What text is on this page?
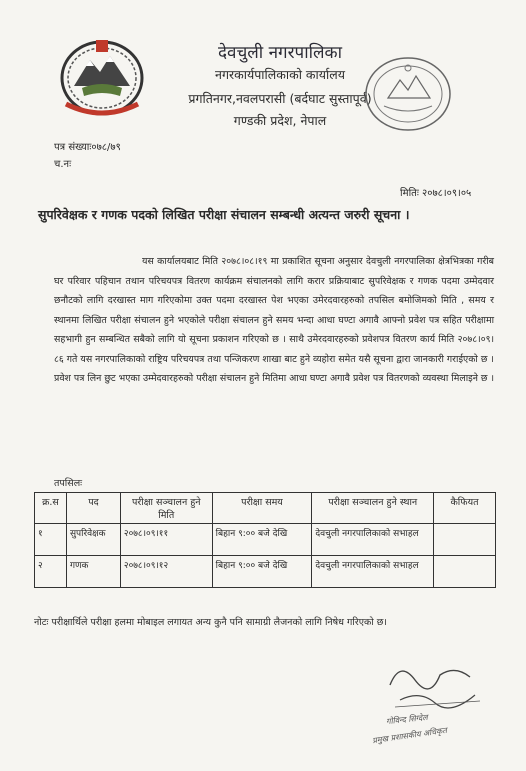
देवचुली नगरपालिका
नगरकार्यपालिकाको कार्यालय
प्रगतिनगर,नवलपरासी (बर्दघाट सुस्तापूर्व)
गण्डकी प्रदेश, नेपाल
पत्र संख्याः०७८/७९
च.नः
मितिः २०७८।०९।०५
सुपरिवेक्षक र गणक पदको लिखित परीक्षा संचालन सम्बन्धी अत्यन्त जरुरी सूचना ।
यस कार्यालयबाट मिति २०७८।०८।१९ मा प्रकाशित सूचना अनुसार देवचुली नगरपालिका क्षेत्रभित्रका गरीब घर परिवार पहिचान तथान परिचयपत्र वितरण कार्यक्रम संचालनको लागि करार प्रक्रियाबाट सुपरिवेक्षक र गणक पदमा उम्मेदवार छनौटको लागि दरखास्त माग गरिएकोमा उक्त पदमा दरखास्त पेश भएका उमेरदवारहरुको तपसिल बमोजिमको मिति , समय र स्थानमा लिखित परीक्षा संचालन हुने भएकोले परीक्षा संचालन हुने समय भन्दा आधा घण्टा अगावै आफ्नो प्रवेश पत्र सहित परीक्षामा सहभागी हुन सम्बन्धित सबैको लागि यो सूचना प्रकाशन गरिएको छ । साथै उमेरदवारहरुको प्रवेशपत्र वितरण कार्य मिति २०७८।०९।८६ गते यस नगरपालिकाको राष्ट्रिय परिचयपत्र तथा पन्जिकरण शाखा बाट हुने व्यहोरा समेत यसै सूचना द्वारा जानकारी गराईएको छ । प्रवेश पत्र लिन छुट भएका उम्मेदवारहरुको परीक्षा संचालन हुने मितिमा आधा घण्टा अगावै प्रवेश पत्र वितरणको व्यवस्था मिलाइने छ ।
तपसिलः
क्र.स	पद	परीक्षा सञ्चालन हुने मिति	परीक्षा समय	परीक्षा सञ्चालन हुने स्थान	कैफियत
१	सुपरिवेक्षक	२०७८।०९।११	बिहान ९:०० बजे देखि	देवचुली नगरपालिकाको सभाहल	
२	गणक	२०७८।०९।१२	बिहान ९:०० बजे देखि	देवचुली नगरपालिकाको सभाहल	
नोटः परीक्षार्थिले परीक्षा हलमा मोबाइल लगायत अन्य कुनै पनि सामाग्री लैजनको लागि निषेध गरिएको छ।
गोविन्द सिग्देल
प्रमुख प्रशासकीय अधिकृत
